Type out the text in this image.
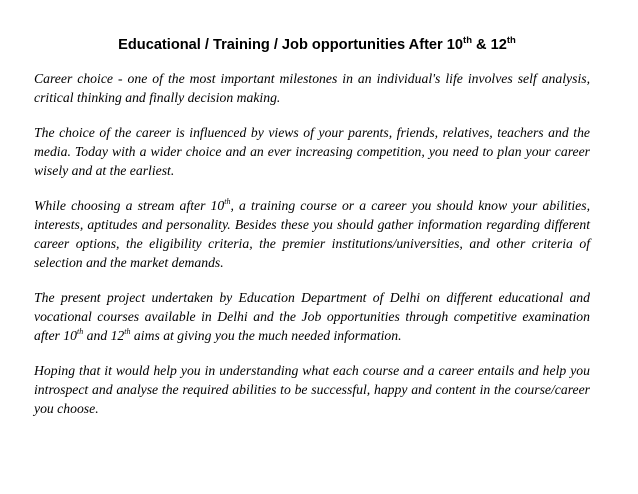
Educational / Training / Job opportunities After 10th & 12th

Career choice - one of the most important milestones in an individual's life involves self analysis, critical thinking and finally decision making.

The choice of the career is influenced by views of your parents, friends, relatives, teachers and the media. Today with a wider choice and an ever increasing competition, you need to plan your career wisely and at the earliest.

While choosing a stream after 10th, a training course or a career you should know your abilities, interests, aptitudes and personality. Besides these you should gather information regarding different career options, the eligibility criteria, the premier institutions/universities, and other criteria of selection and the market demands.

The present project undertaken by Education Department of Delhi on different educational and vocational courses available in Delhi and the Job opportunities through competitive examination after 10th and 12th aims at giving you the much needed information.

Hoping that it would help you in understanding what each course and a career entails and help you introspect and analyse the required abilities to be successful, happy and content in the course/career you choose.
